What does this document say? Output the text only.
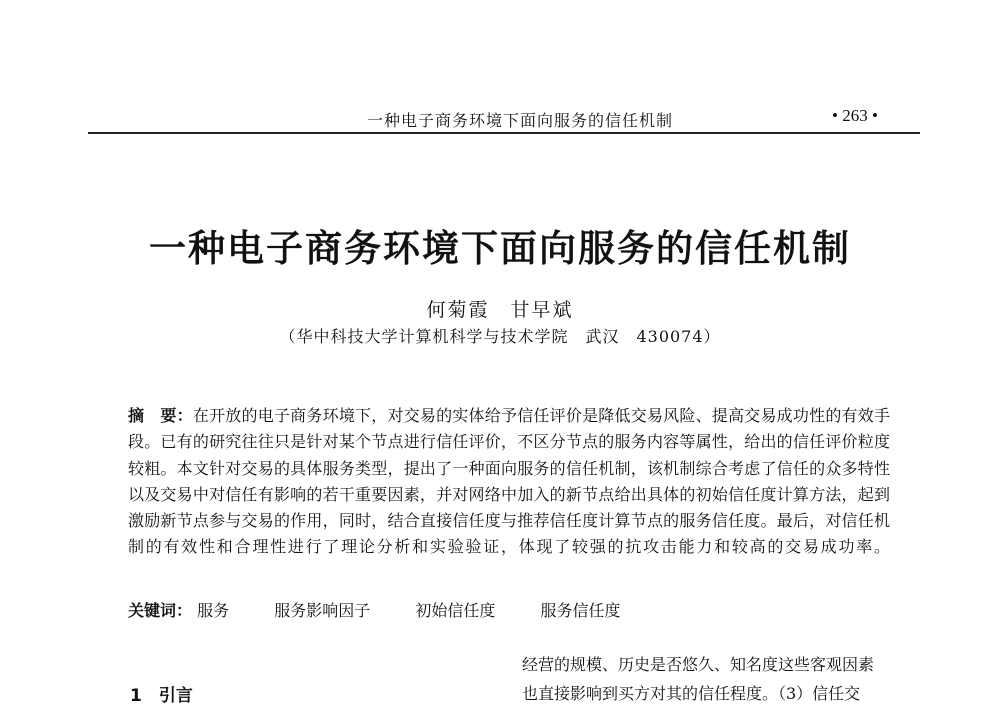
一种电子商务环境下面向服务的信任机制	• 263 •
一种电子商务环境下面向服务的信任机制
何菊霞　甘早斌
（华中科技大学计算机科学与技术学院　武汉　430074）

摘　要：在开放的电子商务环境下，对交易的实体给予信任评价是降低交易风险、提高交易成功性的有效手段。已有的研究往往只是针对某个节点进行信任评价，不区分节点的服务内容等属性，给出的信任评价粒度较粗。本文针对交易的具体服务类型，提出了一种面向服务的信任机制，该机制综合考虑了信任的众多特性以及交易中对信任有影响的若干重要因素，并对网络中加入的新节点给出具体的初始信任度计算方法，起到激励新节点参与交易的作用，同时，结合直接信任度与推荐信任度计算节点的服务信任度。最后，对信任机制的有效性和合理性进行了理论分析和实验验证，体现了较强的抗攻击能力和较高的交易成功率。

关键词： 服务	服务影响因子	初始信任度	服务信任度
1　引言
经营的规模、历史是否悠久、知名度这些客观因素
也直接影响到买方对其的信任程度。（3）信任交
